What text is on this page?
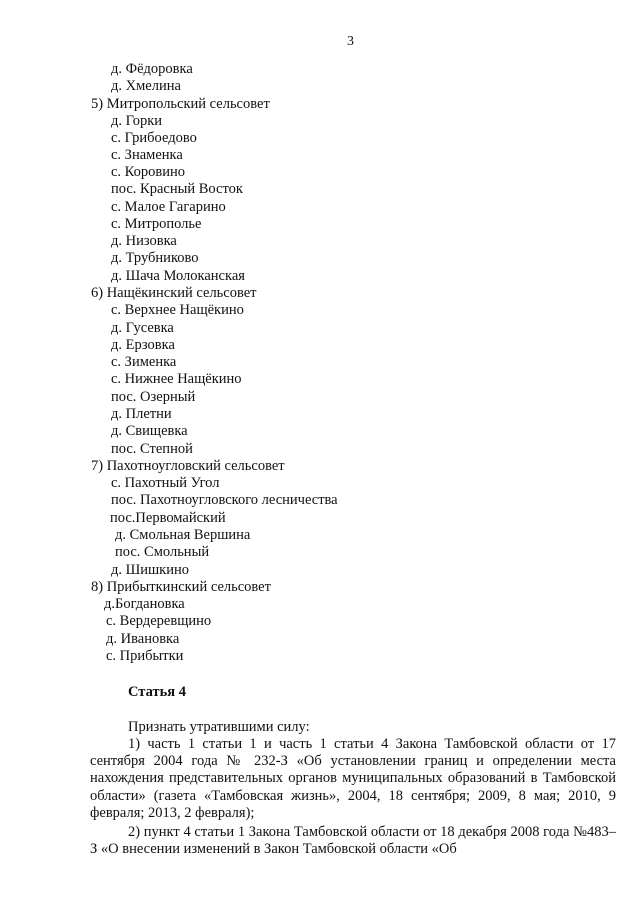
3
д. Фёдоровка
д. Хмелина
5) Митропольский сельсовет
д. Горки
с. Грибоедово
с. Знаменка
с. Коровино
пос. Красный Восток
с. Малое Гагарино
с. Митрополье
д. Низовка
д. Трубниково
д. Шача Молоканская
6) Нащёкинский сельсовет
с. Верхнее Нащёкино
д. Гусевка
д. Ерзовка
с. Зименка
с. Нижнее Нащёкино
пос. Озерный
д. Плетни
д. Свищевка
пос. Степной
7) Пахотноугловский сельсовет
с. Пахотный Угол
пос. Пахотноугловского лесничества
пос.Первомайский
д. Смольная Вершина
пос. Смольный
д. Шишкино
8) Прибыткинский сельсовет
д.Богдановка
с. Вердеревщино
д. Ивановка
с. Прибытки
Статья 4
Признать утратившими силу:
1) часть 1 статьи 1 и часть 1 статьи 4 Закона Тамбовской области от 17 сентября 2004 года № 232-З «Об установлении границ и определении места нахождения представительных органов муниципальных образований в Тамбовской области» (газета «Тамбовская жизнь», 2004, 18 сентября; 2009, 8 мая; 2010, 9 февраля; 2013, 2 февраля);
2) пункт 4 статьи 1 Закона Тамбовской области от 18 декабря 2008 года №483–З «О внесении изменений в Закон Тамбовской области «Об
